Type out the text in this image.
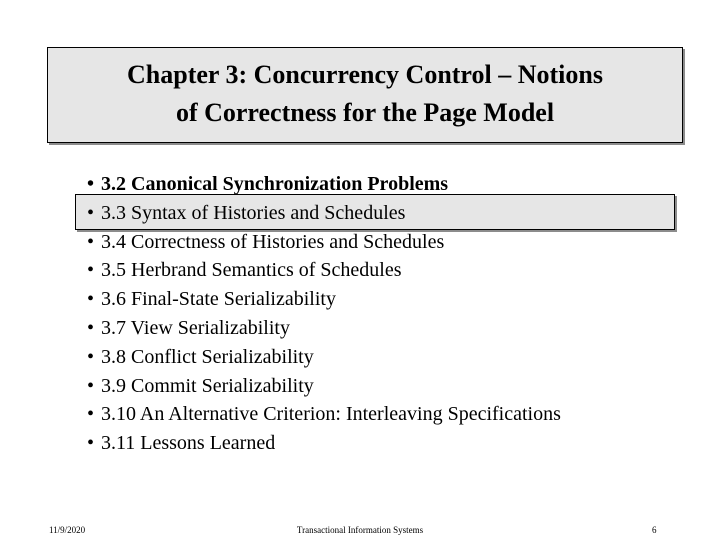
Chapter 3: Concurrency Control – Notions
of Correctness for the Page Model
• 3.2 Canonical Synchronization Problems
• 3.3 Syntax of Histories and Schedules
• 3.4 Correctness of Histories and Schedules
• 3.5 Herbrand Semantics of Schedules
• 3.6 Final-State Serializability
• 3.7 View Serializability
• 3.8 Conflict Serializability
• 3.9 Commit Serializability
• 3.10 An Alternative Criterion: Interleaving Specifications
• 3.11 Lessons Learned
11/9/2020	Transactional Information Systems	6
